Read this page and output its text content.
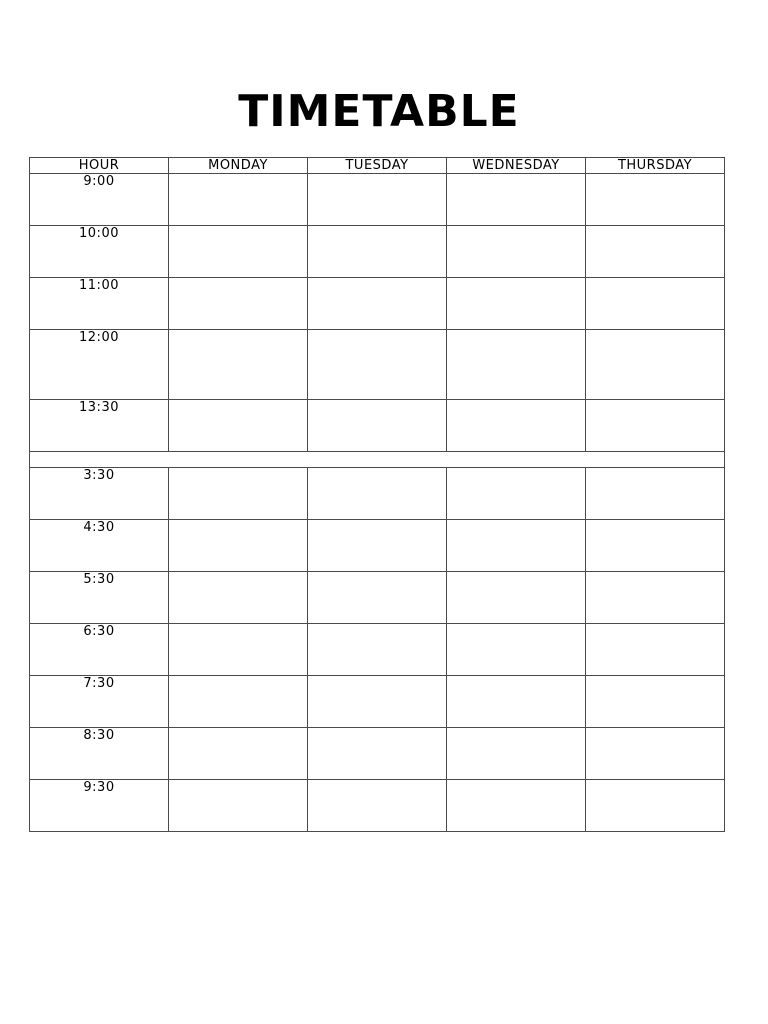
TIMETABLE
HOUR	MONDAY	TUESDAY	WEDNESDAY	THURSDAY
9:00				
10:00				
11:00				
12:00				
13:30				

3:30				
4:30				
5:30				
6:30				
7:30				
8:30				
9:30				
